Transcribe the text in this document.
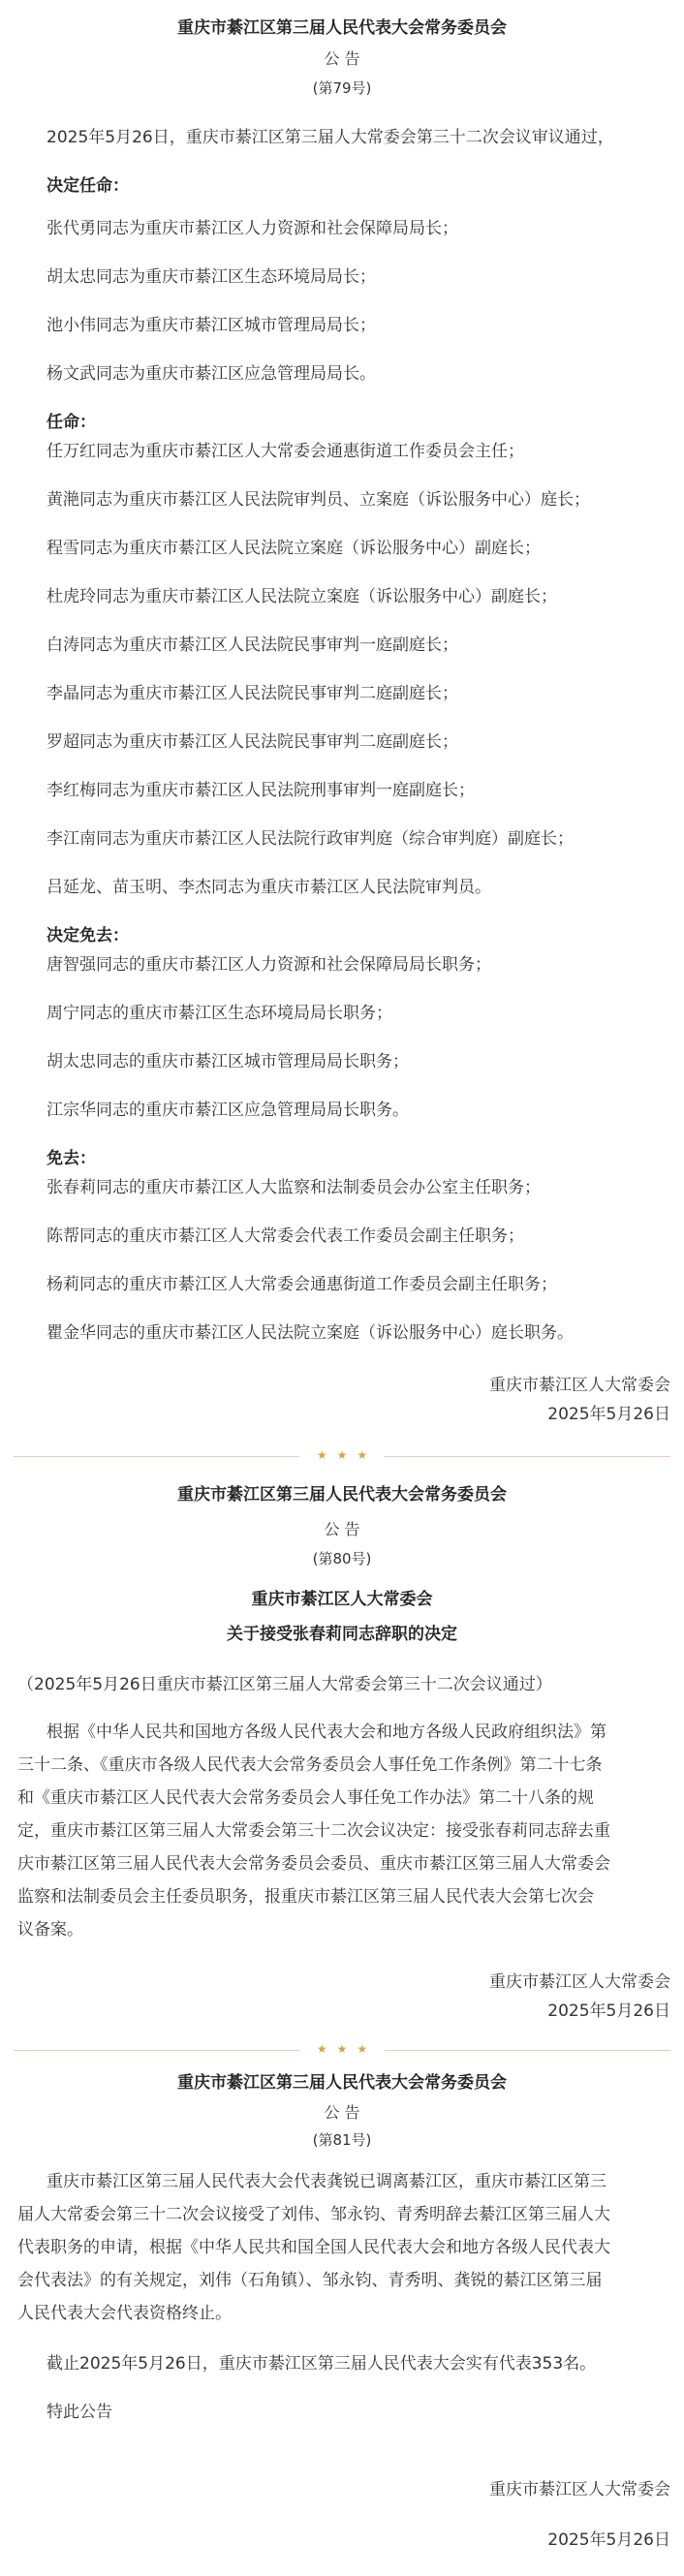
重庆市綦江区第三届人民代表大会常务委员会
公 告
(第79号)
2025年5月26日，重庆市綦江区第三届人大常委会第三十二次会议审议通过，
决定任命：
张代勇同志为重庆市綦江区人力资源和社会保障局局长；
胡太忠同志为重庆市綦江区生态环境局局长；
池小伟同志为重庆市綦江区城市管理局局长；
杨文武同志为重庆市綦江区应急管理局局长。
任命：
任万红同志为重庆市綦江区人大常委会通惠街道工作委员会主任；
黄滟同志为重庆市綦江区人民法院审判员、立案庭（诉讼服务中心）庭长；
程雪同志为重庆市綦江区人民法院立案庭（诉讼服务中心）副庭长；
杜虎玲同志为重庆市綦江区人民法院立案庭（诉讼服务中心）副庭长；
白涛同志为重庆市綦江区人民法院民事审判一庭副庭长；
李晶同志为重庆市綦江区人民法院民事审判二庭副庭长；
罗超同志为重庆市綦江区人民法院民事审判二庭副庭长；
李红梅同志为重庆市綦江区人民法院刑事审判一庭副庭长；
李江南同志为重庆市綦江区人民法院行政审判庭（综合审判庭）副庭长；
吕延龙、苗玉明、李杰同志为重庆市綦江区人民法院审判员。
决定免去：
唐智强同志的重庆市綦江区人力资源和社会保障局局长职务；
周宁同志的重庆市綦江区生态环境局局长职务；
胡太忠同志的重庆市綦江区城市管理局局长职务；
江宗华同志的重庆市綦江区应急管理局局长职务。
免去：
张春莉同志的重庆市綦江区人大监察和法制委员会办公室主任职务；
陈帮同志的重庆市綦江区人大常委会代表工作委员会副主任职务；
杨莉同志的重庆市綦江区人大常委会通惠街道工作委员会副主任职务；
瞿金华同志的重庆市綦江区人民法院立案庭（诉讼服务中心）庭长职务。
重庆市綦江区人大常委会
2025年5月26日
★★★
重庆市綦江区第三届人民代表大会常务委员会
公 告
(第80号)
重庆市綦江区人大常委会
关于接受张春莉同志辞职的决定
（2025年5月26日重庆市綦江区第三届人大常委会第三十二次会议通过）
根据《中华人民共和国地方各级人民代表大会和地方各级人民政府组织法》第
三十二条、《重庆市各级人民代表大会常务委员会人事任免工作条例》第二十七条
和《重庆市綦江区人民代表大会常务委员会人事任免工作办法》第二十八条的规
定，重庆市綦江区第三届人大常委会第三十二次会议决定：接受张春莉同志辞去重
庆市綦江区第三届人民代表大会常务委员会委员、重庆市綦江区第三届人大常委会
监察和法制委员会主任委员职务，报重庆市綦江区第三届人民代表大会第七次会
议备案。
重庆市綦江区人大常委会
2025年5月26日
★★★
重庆市綦江区第三届人民代表大会常务委员会
公 告
(第81号)
重庆市綦江区第三届人民代表大会代表龚锐已调离綦江区，重庆市綦江区第三
届人大常委会第三十二次会议接受了刘伟、邹永钧、青秀明辞去綦江区第三届人大
代表职务的申请，根据《中华人民共和国全国人民代表大会和地方各级人民代表大
会代表法》的有关规定，刘伟（石角镇）、邹永钧、青秀明、龚锐的綦江区第三届
人民代表大会代表资格终止。
截止2025年5月26日，重庆市綦江区第三届人民代表大会实有代表353名。
特此公告
重庆市綦江区人大常委会
2025年5月26日
